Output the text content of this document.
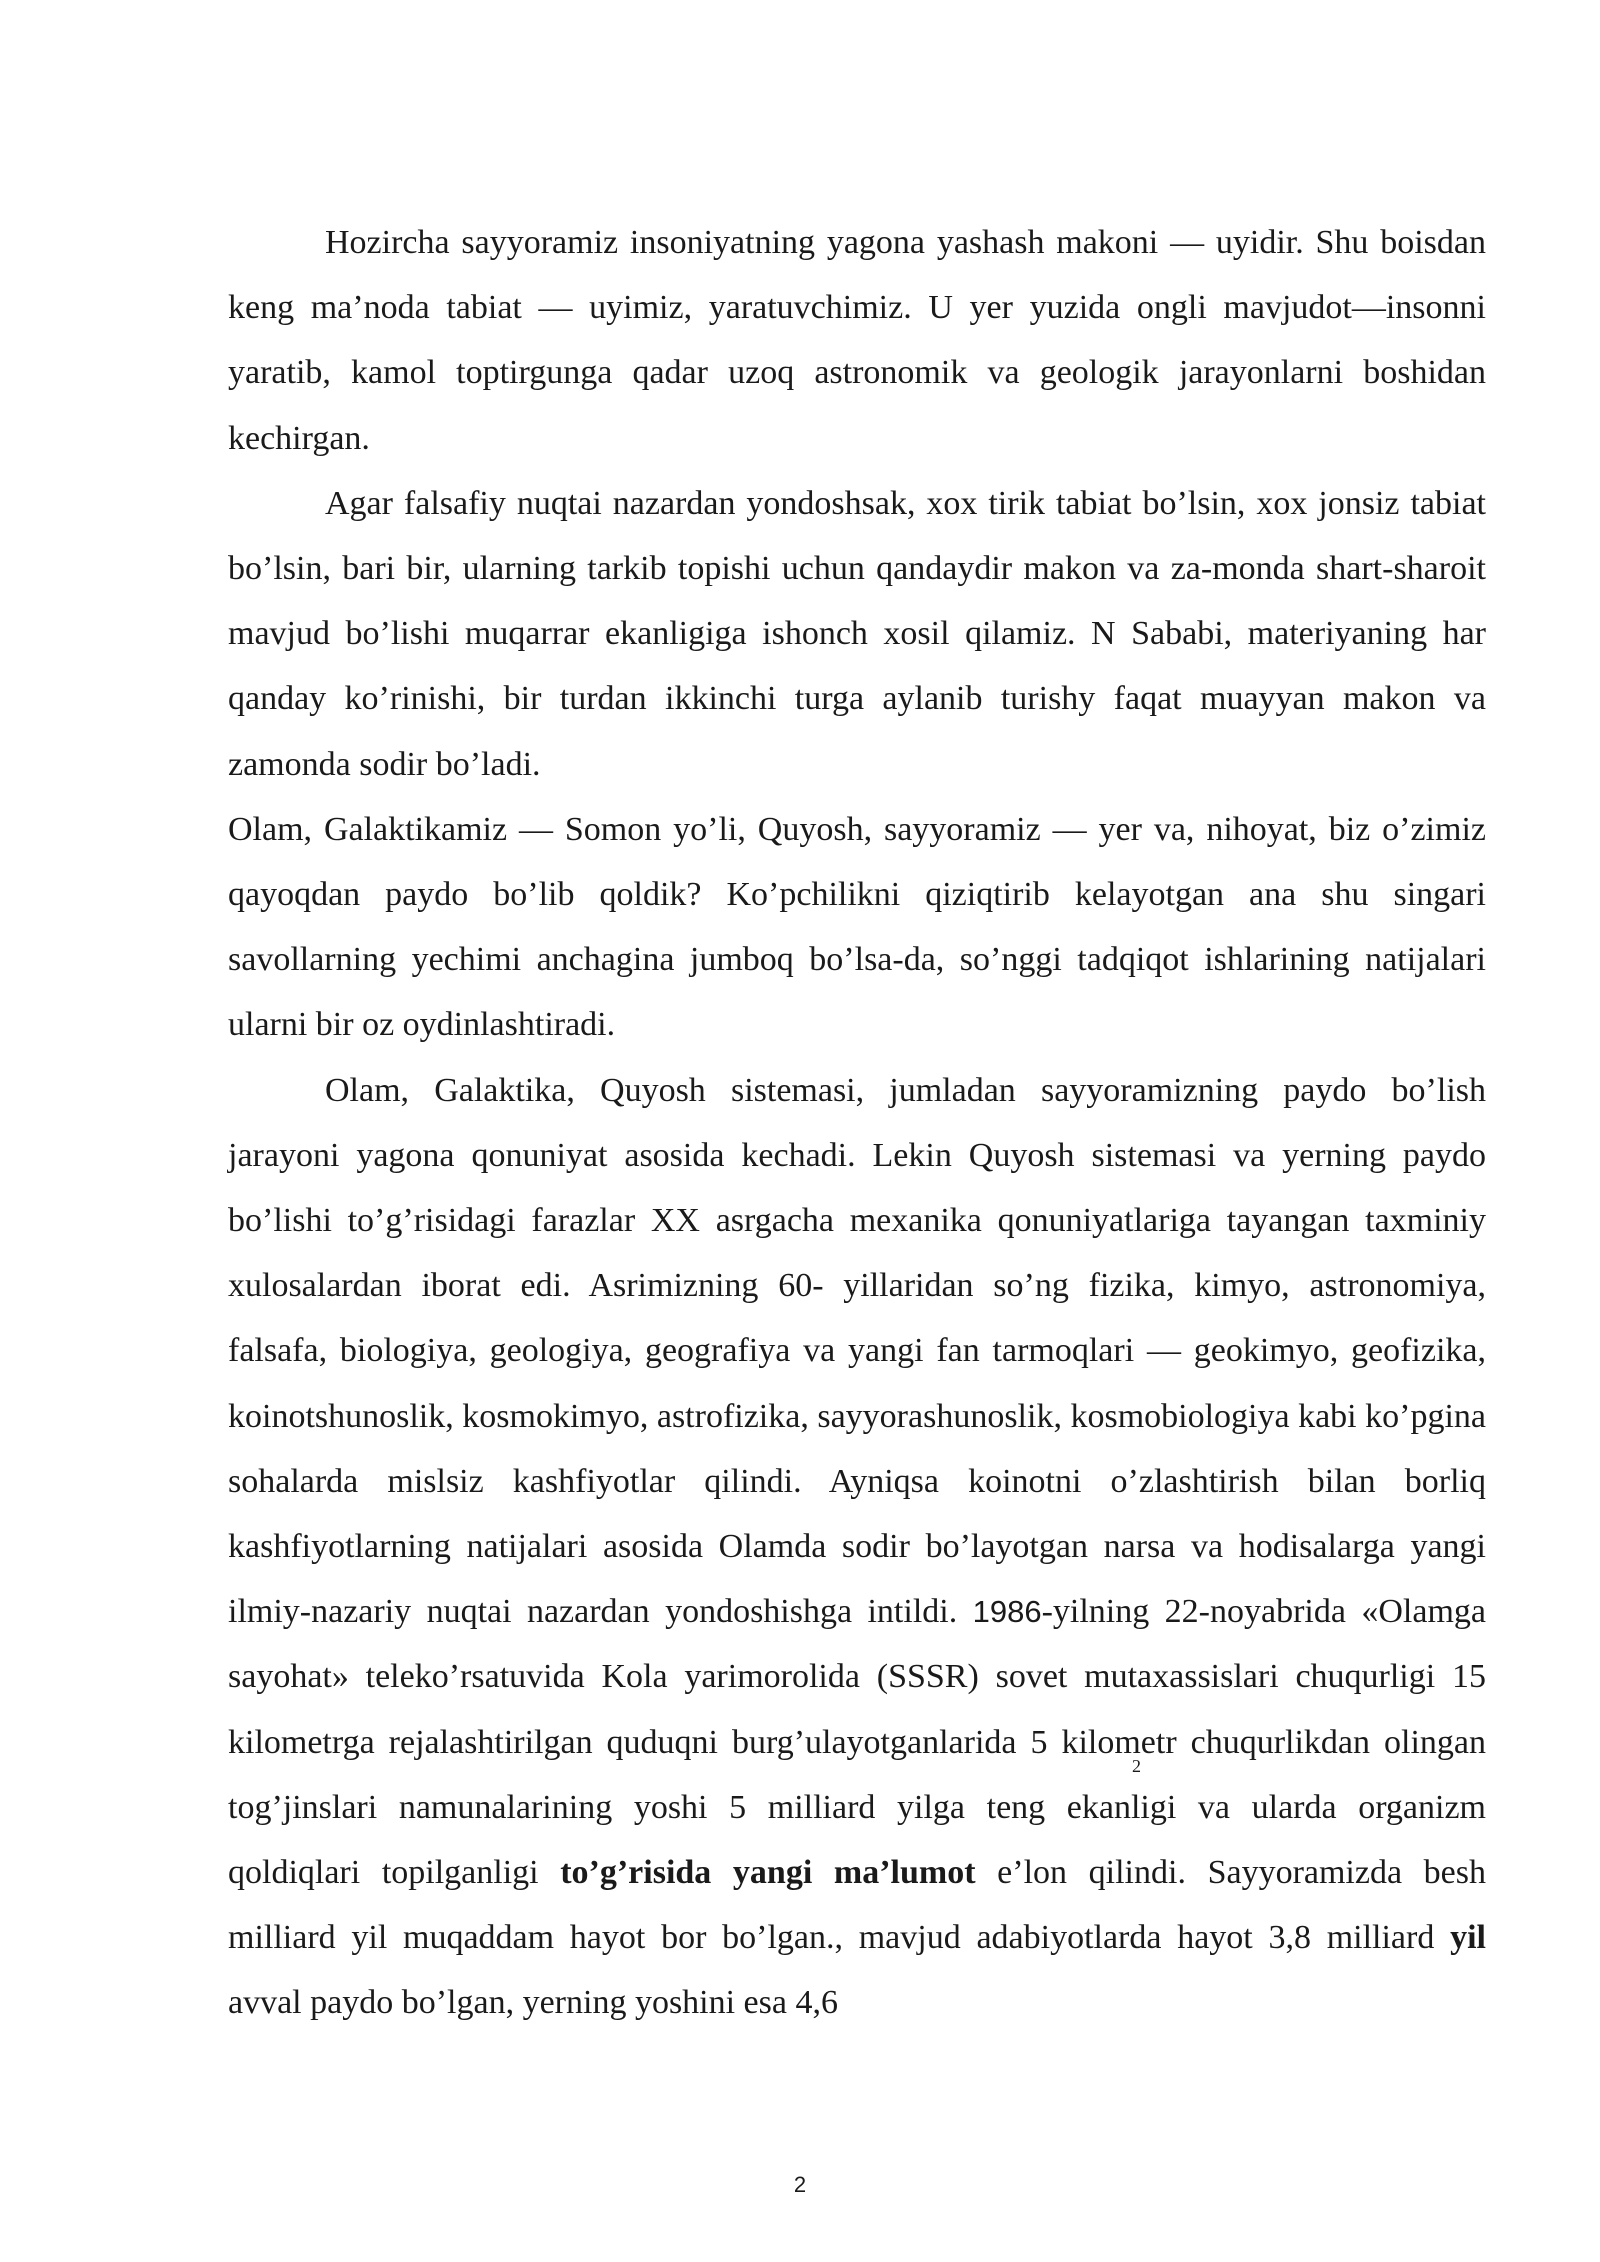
Hozircha sayyoramiz insoniyatning yagona yashash makoni — uyidir. Shu boisdan keng ma’noda tabiat — uyimiz, yaratuvchimiz. U yer yuzida ongli mavjudot—insonni yaratib, kamol toptirgunga qadar uzoq astronomik va geologik jarayonlarni boshidan kechirgan.

Agar falsafiy nuqtai nazardan yondoshsak, xox tirik tabiat bo’lsin, xox jonsiz tabiat bo’lsin, bari bir, ularning tarkib topishi uchun qandaydir makon va za-monda shart-sharoit mavjud bo’lishi muqarrar ekanligiga ishonch xosil qilamiz. N Sababi, materiyaning har qanday ko’rinishi, bir turdan ikkinchi turga aylanib turishy faqat muayyan makon va zamonda sodir bo’ladi.

Olam, Galaktikamiz — Somon yo’li, Quyosh, sayyoramiz — yer va, nihoyat, biz o’zimiz qayoqdan paydo bo’lib qoldik? Ko’pchilikni qiziqtirib kelayotgan ana shu singari savollarning yechimi anchagina jumboq bo’lsa-da, so’nggi tadqiqot ishlarining natijalari ularni bir oz oydinlashtiradi.

Olam, Galaktika, Quyosh sistemasi, jumladan sayyoramizning paydo bo’lish jarayoni yagona qonuniyat asosida kechadi. Lekin Quyosh sistemasi va yerning paydo bo’lishi to’g’risidagi farazlar XX asrgacha mexanika qonuniyatlariga tayangan taxminiy xulosalardan iborat edi. Asrimizning 60- yillaridan so’ng fizika, kimyo, astronomiya, falsafa, biologiya, geologiya, geografiya va yangi fan tarmoqlari — geokimyo, geofizika, koinotshunoslik, kosmokimyo, astrofizika, sayyorashunoslik, kosmobiologiya kabi ko’pgina sohalarda mislsiz kashfiyotlar qilindi. Ayniqsa koinotni o’zlashtirish bilan borliq kashfiyotlarning natijalari asosida Olamda sodir bo’layotgan narsa va hodisalarga yangi ilmiy-nazariy nuqtai nazardan yondoshishga intildi. 1986-yilning 22-noyabrida «Olamga sayohat» teleko’rsatuvida Kola yarimorolida (SSSR) sovet mutaxassislari chuqurligi 15 kilometrga rejalashtirilgan quduqni burg’ulayotganlarida 5 kilometr chuqurlikdan olingan tog’jinslari namunalarining yoshi 5 milliard yilga teng ekanligi va ularda organizm qoldiqlari topilganligi to’g’risida yangi ma’lumot e’lon qilindi. Sayyoramizda besh milliard yil muqaddam hayot bor bo’lgan., mavjud adabiyotlarda hayot 3,8 milliard yil avval paydo bo’lgan, yerning yoshini esa 4,6

2
2
